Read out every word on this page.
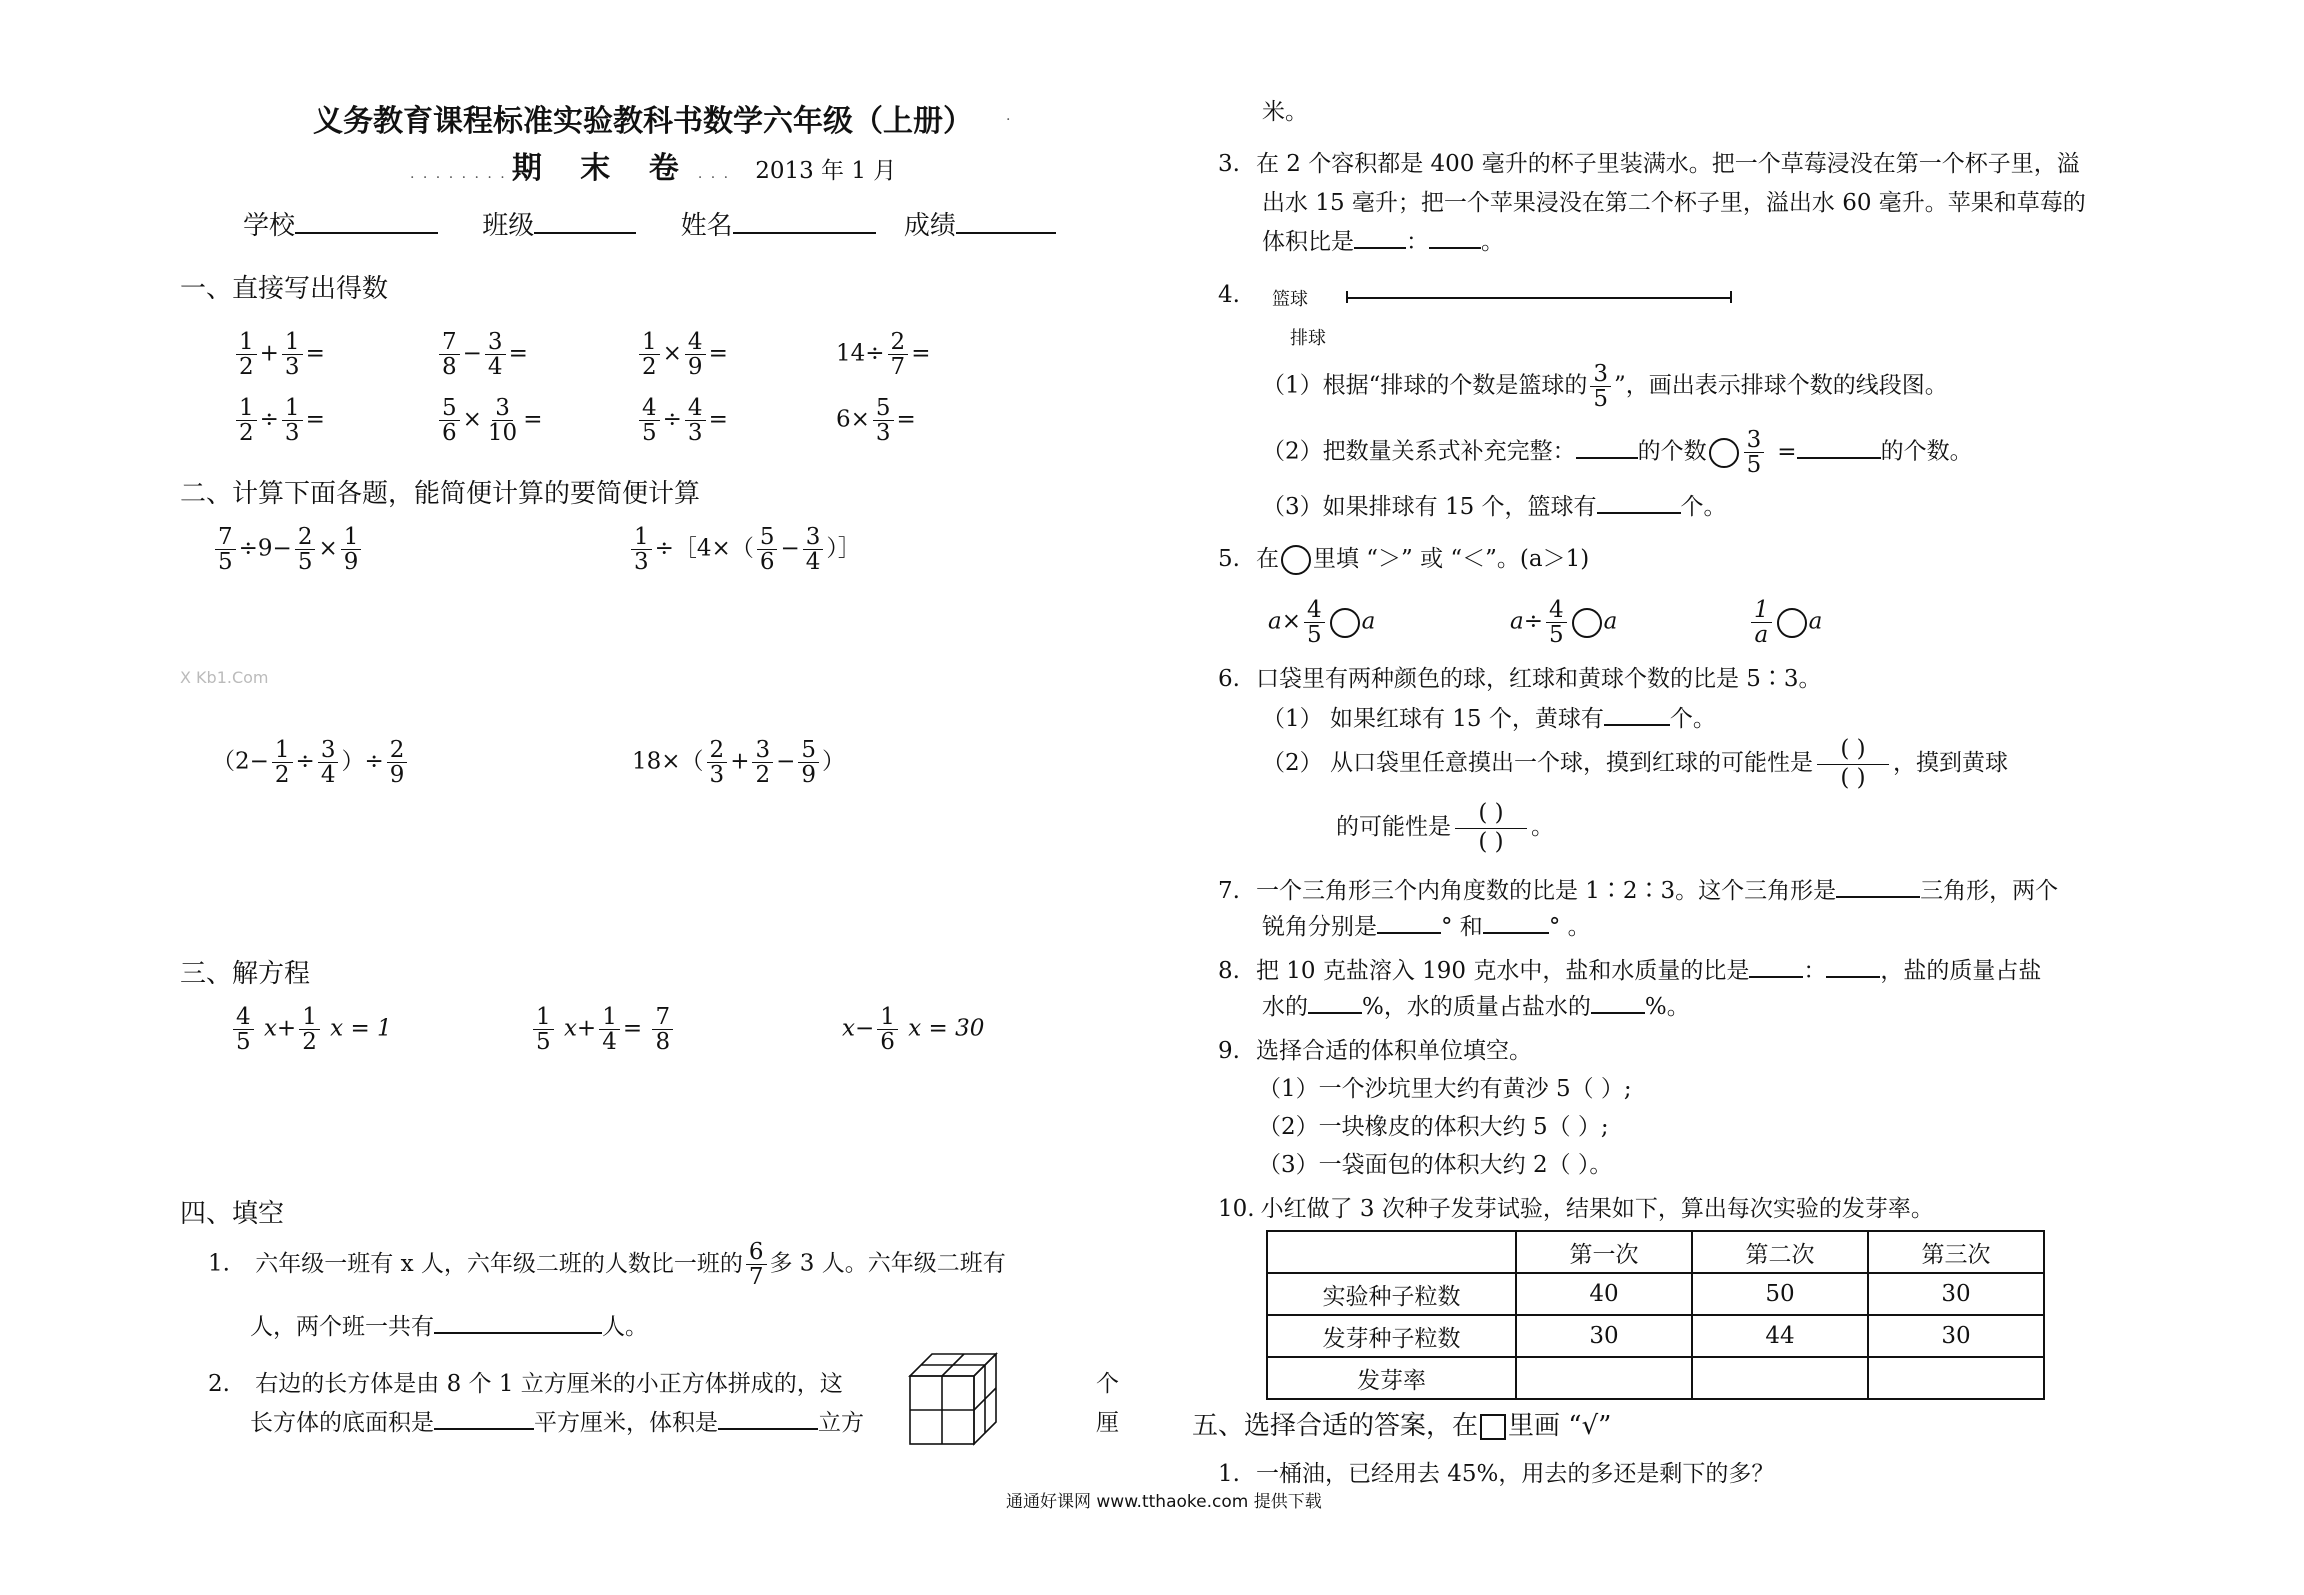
义务教育课程标准实验教科书数学六年级（上册） .
. . . . . . . . 期 末 卷 . . . 2013 年 1 月
学校	班级	姓名	成绩
一、直接写出得数
$\frac{1}{2} + \frac{1}{3}$ =	$\frac{7}{8} - \frac{3}{4}$ =	$\frac{1}{2} \times \frac{4}{9}$ =	$14\div \frac{2}{7}$ =
$\frac{1}{2} \div \frac{1}{3}$ =	$\frac{5}{6} \times \frac{3}{10}$ =	$\frac{4}{5} \div \frac{4}{3}$ =	$6\times \frac{5}{3}$ =
二、计算下面各题，能简便计算的要简便计算
$\frac{7}{5} \div 9- \frac{2}{5} \times \frac{1}{9}$	$\frac{1}{3}$ ÷［4×（ $\frac{5}{6} - \frac{3}{4}$ ）］
X Kb1.Com
（$2- \frac{1}{2} \div \frac{3}{4}$ ）÷ $\frac{2}{9}$	$18\times( \frac{2}{3} + \frac{3}{2} - \frac{5}{9}$ ）
三、解方程
$\frac{4}{5} x+ \frac{1}{2}$ x = 1	$\frac{1}{5} x+ \frac{1}{4} = \frac{7}{8}$	$x- \frac{1}{6}$ x = 30
四、填空
1. 六年级一班有 x 人，六年级二班的人数比一班的 $\frac{6}{7}$ 多 3 人。六年级二班有
人，两个班一共有	人。
2. 右边的长方体是由 8 个 1 立方厘米的小正方体拼成的，这
长方体的底面积是	平方厘米，体积是	立方
个
厘
米。
3. 在 2 个容积都是 400 毫升的杯子里装满水。把一个草莓浸没在第一个杯子里，溢
出水 15 毫升；把一个苹果浸没在第二个杯子里，溢出水 60 毫升。苹果和草莓的
体积比是 ： 。
4. 篮球
排球
（1）根据“排球的个数是篮球的 $\frac{3}{5}$ ”，画出表示排球个数的线段图。
（2）把数量关系式补充完整：	的个数 $\frac{3}{5}$ =	的个数。
（3）如果排球有 15 个，篮球有	个。
5. 在 里填 “＞” 或 “＜”。(a＞1)
$a\times \frac{4}{5}$ a	$a\div \frac{4}{5}$ a	$\frac{1}{a}$ a
6. 口袋里有两种颜色的球，红球和黄球个数的比是 5∶3。
（1） 如果红球有 15 个，黄球有	个。
（2） 从口袋里任意摸出一个球，摸到红球的可能性是 $\frac{( )}{( )}$ ，摸到黄球
的可能性是 $\frac{( )}{( )}$ 。
7. 一个三角形三个内角度数的比是 1∶2∶3。这个三角形是	三角形，两个
锐角分别是	° 和	° 。
8. 把 10 克盐溶入 190 克水中，盐和水质量的比是 ： ，盐的质量占盐
水的 %，水的质量占盐水的 %。
9. 选择合适的体积单位填空。
（1）一个沙坑里大约有黄沙 5（ ）;
（2）一块橡皮的体积大约 5（ ）;
（3）一袋面包的体积大约 2（ ）。
10. 小红做了 3 次种子发芽试验，结果如下，算出每次实验的发芽率。
	第一次	第二次	第三次
实验种子粒数	40	50	30
发芽种子粒数	30	44	30
发芽率			
五、选择合适的答案，在 里画 “√”
1. 一桶油，已经用去 45%，用去的多还是剩下的多？
通通好课网 www.tthaoke.com 提供下载
